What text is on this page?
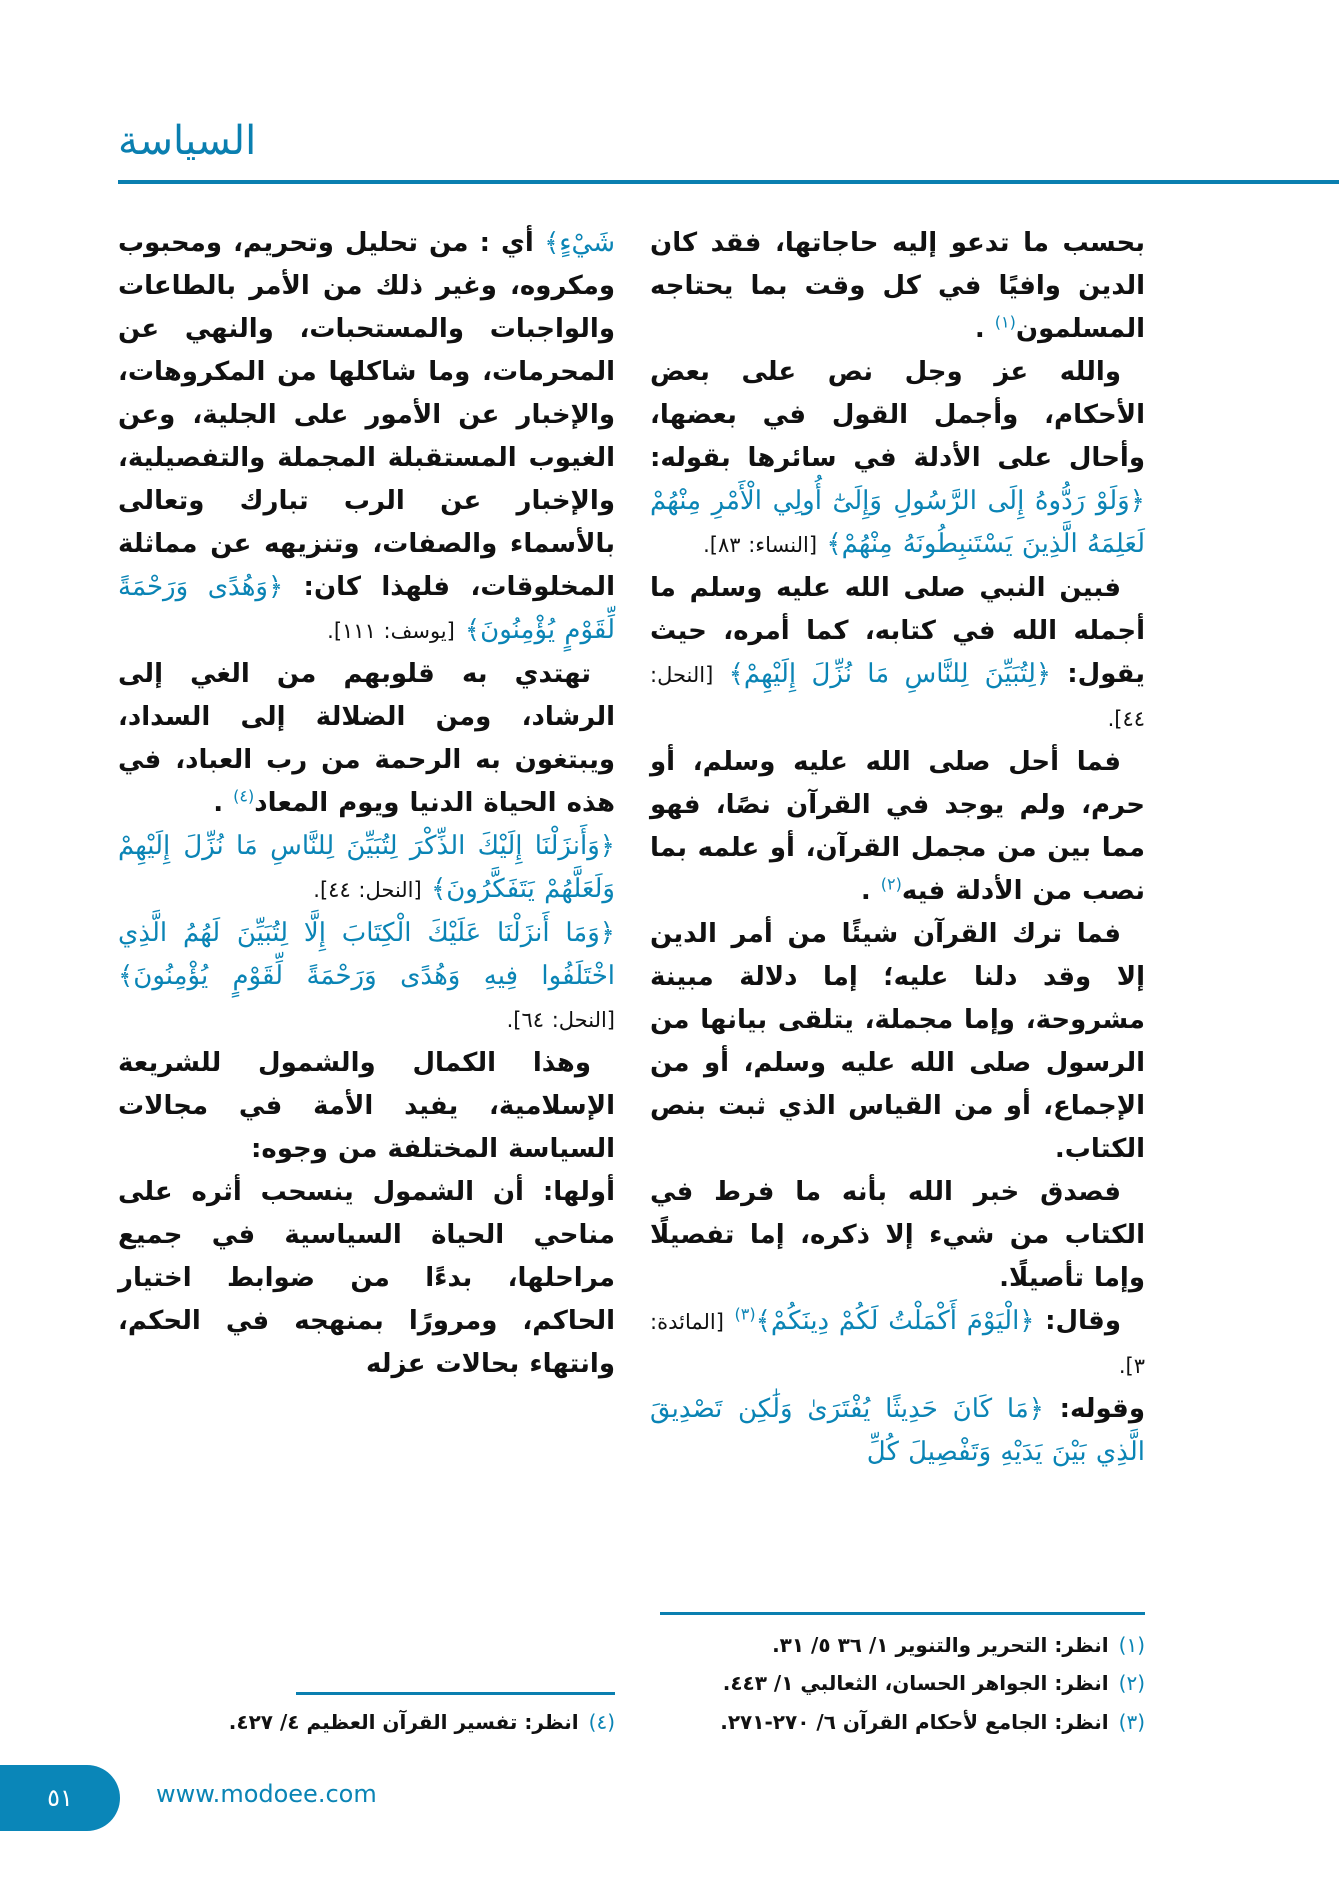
السياسة

بحسب ما تدعو إليه حاجاتها، فقد كان الدين وافيًا في كل وقت بما يحتاجه المسلمون$^{(١)}$ .

والله عز وجل نص على بعض الأحكام، وأجمل القول في بعضها، وأحال على الأدلة في سائرها بقوله: ﴿وَلَوْ رَدُّوهُ إِلَى الرَّسُولِ وَإِلَىٰٓ أُولِي الْأَمْرِ مِنْهُمْ لَعَلِمَهُ الَّذِينَ يَسْتَنبِطُونَهُ مِنْهُمْ﴾ [النساء: ٨٣].

فبين النبي صلى الله عليه وسلم ما أجمله الله في كتابه، كما أمره، حيث يقول: ﴿لِتُبَيِّنَ لِلنَّاسِ مَا نُزِّلَ إِلَيْهِمْ﴾ [النحل: ٤٤].

فما أحل صلى الله عليه وسلم، أو حرم، ولم يوجد في القرآن نصًا، فهو مما بين من مجمل القرآن، أو علمه بما نصب من الأدلة فيه$^{(٢)}$ .

فما ترك القرآن شيئًا من أمر الدين إلا وقد دلنا عليه؛ إما دلالة مبينة مشروحة، وإما مجملة، يتلقى بيانها من الرسول صلى الله عليه وسلم، أو من الإجماع، أو من القياس الذي ثبت بنص الكتاب.

فصدق خبر الله بأنه ما فرط في الكتاب من شيء إلا ذكره، إما تفصيلًا وإما تأصيلًا.

وقال: ﴿الْيَوْمَ أَكْمَلْتُ لَكُمْ دِينَكُمْ﴾$^{(٣)}$ [المائدة: ٣].

وقوله: ﴿مَا كَانَ حَدِيثًا يُفْتَرَىٰ وَلَٰكِن تَصْدِيقَ الَّذِي بَيْنَ يَدَيْهِ وَتَفْصِيلَ كُلِّ

شَيْءٍ﴾ أي : من تحليل وتحريم، ومحبوب ومكروه، وغير ذلك من الأمر بالطاعات والواجبات والمستحبات، والنهي عن المحرمات، وما شاكلها من المكروهات، والإخبار عن الأمور على الجلية، وعن الغيوب المستقبلة المجملة والتفصيلية، والإخبار عن الرب تبارك وتعالى بالأسماء والصفات، وتنزيهه عن مماثلة المخلوقات، فلهذا كان: ﴿وَهُدًى وَرَحْمَةً لِّقَوْمٍ يُؤْمِنُونَ﴾ [يوسف: ١١١].

تهتدي به قلوبهم من الغي إلى الرشاد، ومن الضلالة إلى السداد، ويبتغون به الرحمة من رب العباد، في هذه الحياة الدنيا ويوم المعاد$^{(٤)}$ .

﴿وَأَنزَلْنَا إِلَيْكَ الذِّكْرَ لِتُبَيِّنَ لِلنَّاسِ مَا نُزِّلَ إِلَيْهِمْ وَلَعَلَّهُمْ يَتَفَكَّرُونَ﴾ [النحل: ٤٤].

﴿وَمَا أَنزَلْنَا عَلَيْكَ الْكِتَابَ إِلَّا لِتُبَيِّنَ لَهُمُ الَّذِي اخْتَلَفُوا فِيهِ وَهُدًى وَرَحْمَةً لِّقَوْمٍ يُؤْمِنُونَ﴾ [النحل: ٦٤].

وهذا الكمال والشمول للشريعة الإسلامية، يفيد الأمة في مجالات السياسة المختلفة من وجوه:

أولها: أن الشمول ينسحب أثره على مناحي الحياة السياسية في جميع مراحلها، بدءًا من ضوابط اختيار الحاكم، ومرورًا بمنهجه في الحكم، وانتهاء بحالات عزله

(١)انظر: التحرير والتنوير ١/ ٣٦ ٥/ ٣١.
(٢)انظر: الجواهر الحسان، الثعالبي ١/ ٤٤٣.
(٣)انظر: الجامع لأحكام القرآن ٦/ ٢٧٠-٢٧١.
(٤)انظر: تفسير القرآن العظيم ٤/ ٤٢٧.
٥١	www.modoee.com
